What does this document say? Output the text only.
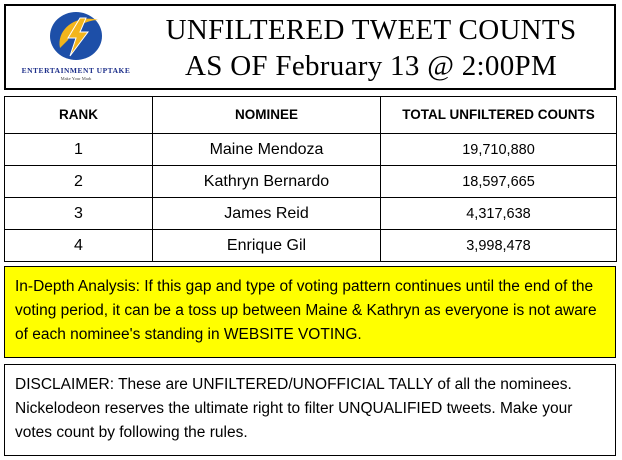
ENTERTAINMENT UPTAKE
Make Your Mark
UNFILTERED TWEET COUNTS
AS OF February 13 @ 2:00PM
RANK	NOMINEE	TOTAL UNFILTERED COUNTS
1	Maine Mendoza	19,710,880
2	Kathryn Bernardo	18,597,665
3	James Reid	4,317,638
4	Enrique Gil	3,998,478
In-Depth Analysis: If this gap and type of voting pattern continues until the end of the voting period, it can be a toss up between Maine & Kathryn as everyone is not aware of each nominee's standing in WEBSITE VOTING.
DISCLAIMER: These are UNFILTERED/UNOFFICIAL TALLY of all the nominees. Nickelodeon reserves the ultimate right to filter UNQUALIFIED tweets. Make your votes count by following the rules.
